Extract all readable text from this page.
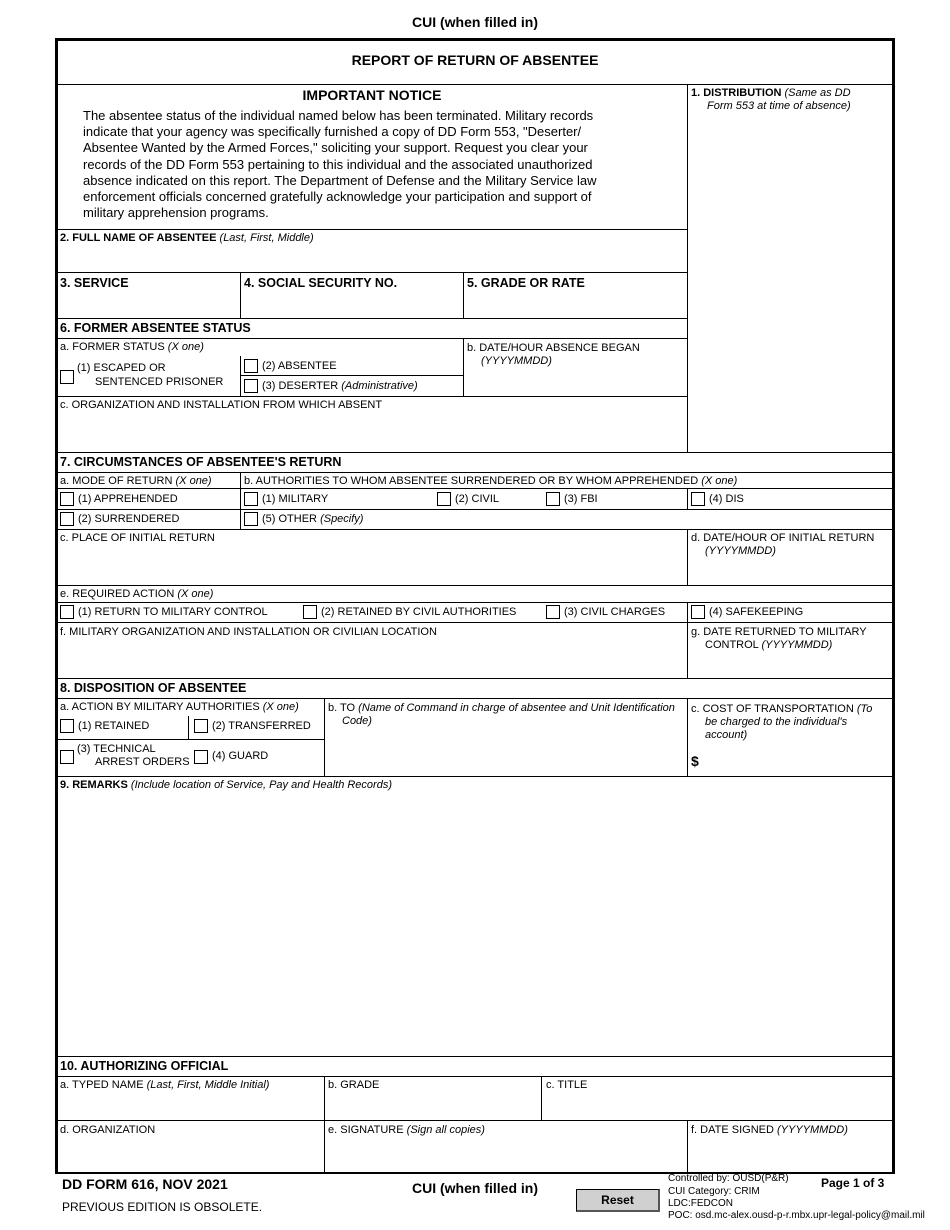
CUI (when filled in)
REPORT OF RETURN OF ABSENTEE
IMPORTANT NOTICE
The absentee status of the individual named below has been terminated. Military records
indicate that your agency was specifically furnished a copy of DD Form 553, "Deserter/
Absentee Wanted by the Armed Forces," soliciting your support. Request you clear your
records of the DD Form 553 pertaining to this individual and the associated unauthorized
absence indicated on this report. The Department of Defense and the Military Service law
enforcement officials concerned gratefully acknowledge your participation and support of
military apprehension programs.
1. DISTRIBUTION (Same as DD
Form 553 at time of absence)
2. FULL NAME OF ABSENTEE (Last, First, Middle)
3. SERVICE	4. SOCIAL SECURITY NO.	5. GRADE OR RATE
6. FORMER ABSENTEE STATUS
a. FORMER STATUS (X one)
(1) ESCAPED OR
SENTENCED PRISONER
(2) ABSENTEE
(3) DESERTER (Administrative)
b. DATE/HOUR ABSENCE BEGAN
(YYYYMMDD)
c. ORGANIZATION AND INSTALLATION FROM WHICH ABSENT
7. CIRCUMSTANCES OF ABSENTEE'S RETURN
a. MODE OF RETURN (X one)	b. AUTHORITIES TO WHOM ABSENTEE SURRENDERED OR BY WHOM APPREHENDED (X one)
(1) APPREHENDED	(1) MILITARY	(2) CIVIL	(3) FBI	(4) DIS
(2) SURRENDERED	(5) OTHER (Specify)
c. PLACE OF INITIAL RETURN	d. DATE/HOUR OF INITIAL RETURN
(YYYYMMDD)
e. REQUIRED ACTION (X one)
(1) RETURN TO MILITARY CONTROL	(2) RETAINED BY CIVIL AUTHORITIES	(3) CIVIL CHARGES	(4) SAFEKEEPING
f. MILITARY ORGANIZATION AND INSTALLATION OR CIVILIAN LOCATION	g. DATE RETURNED TO MILITARY
CONTROL (YYYYMMDD)
8. DISPOSITION OF ABSENTEE
a. ACTION BY MILITARY AUTHORITIES (X one)
(1) RETAINED	(2) TRANSFERRED
(3) TECHNICAL
ARREST ORDERS (4) GUARD
b. TO (Name of Command in charge of absentee and Unit Identification
Code)
c. COST OF TRANSPORTATION (To
be charged to the individual's
account)
$
9. REMARKS (Include location of Service, Pay and Health Records)
10. AUTHORIZING OFFICIAL
a. TYPED NAME (Last, First, Middle Initial)	b. GRADE	c. TITLE
d. ORGANIZATION	e. SIGNATURE (Sign all copies)	f. DATE SIGNED (YYYYMMDD)
DD FORM 616, NOV 2021
PREVIOUS EDITION IS OBSOLETE.
CUI (when filled in)
Reset
Controlled by: OUSD(P&R)
CUI Category: CRIM
LDC:FEDCON
POC: osd.mc-alex.ousd-p-r.mbx.upr-legal-policy@mail.mil
Page 1 of 3
